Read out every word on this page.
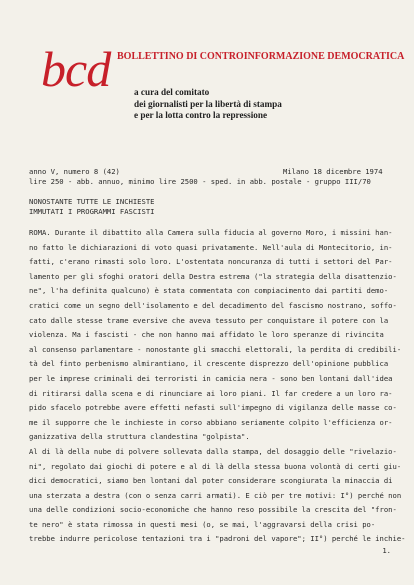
bcd BOLLETTINO DI CONTROINFORMAZIONE DEMOCRATICA
a cura del comitato
dei giornalisti per la libertà di stampa
e per la lotta contro la repressione
anno V, numero 8 (42)	Milano 18 dicembre 1974
lire 250 - abb. annuo, minimo lire 2500 - sped. in abb. postale - gruppo III/70
NONOSTANTE TUTTE LE INCHIESTE
IMMUTATI I PROGRAMMI FASCISTI
ROMA. Durante il dibattito alla Camera sulla fiducia al governo Moro, i missini han-
no fatto le dichiarazioni di voto quasi privatamente. Nell'aula di Montecitorio, in-
fatti, c'erano rimasti solo loro. L'ostentata noncuranza di tutti i settori del Par-
lamento per gli sfoghi oratori della Destra estrema ("la strategia della disattenzio-
ne", l'ha definita qualcuno) è stata commentata con compiacimento dai partiti demo-
cratici come un segno dell'isolamento e del decadimento del fascismo nostrano, soffo-
cato dalle stesse trame eversive che aveva tessuto per conquistare il potere con la
violenza. Ma i fascisti - che non hanno mai affidato le loro speranze di rivincita
al consenso parlamentare - nonostante gli smacchi elettorali, la perdita di credibili-
tà del finto perbenismo almirantiano, il crescente disprezzo dell'opinione pubblica
per le imprese criminali dei terroristi in camicia nera - sono ben lontani dall'idea
di ritirarsi dalla scena e di rinunciare ai loro piani. Il far credere a un loro ra-
pido sfacelo potrebbe avere effetti nefasti sull'impegno di vigilanza delle masse co-
me il supporre che le inchieste in corso abbiano seriamente colpito l'efficienza or-
ganizzativa della struttura clandestina "golpista".
Al di là della nube di polvere sollevata dalla stampa, del dosaggio delle "rivelazio-
ni", regolato dai giochi di potere e al di là della stessa buona volontà di certi giu-
dici democratici, siamo ben lontani dal poter considerare scongiurata la minaccia di
una sterzata a destra (con o senza carri armati). E ciò per tre motivi: I°) perché non
una delle condizioni socio-economiche che hanno reso possibile la crescita del "fron-
te nero" è stata rimossa in questi mesi (o, se mai, l'aggravarsi della crisi po-
trebbe indurre pericolose tentazioni tra i "padroni del vapore"; II°) perché le inchie-
1.
